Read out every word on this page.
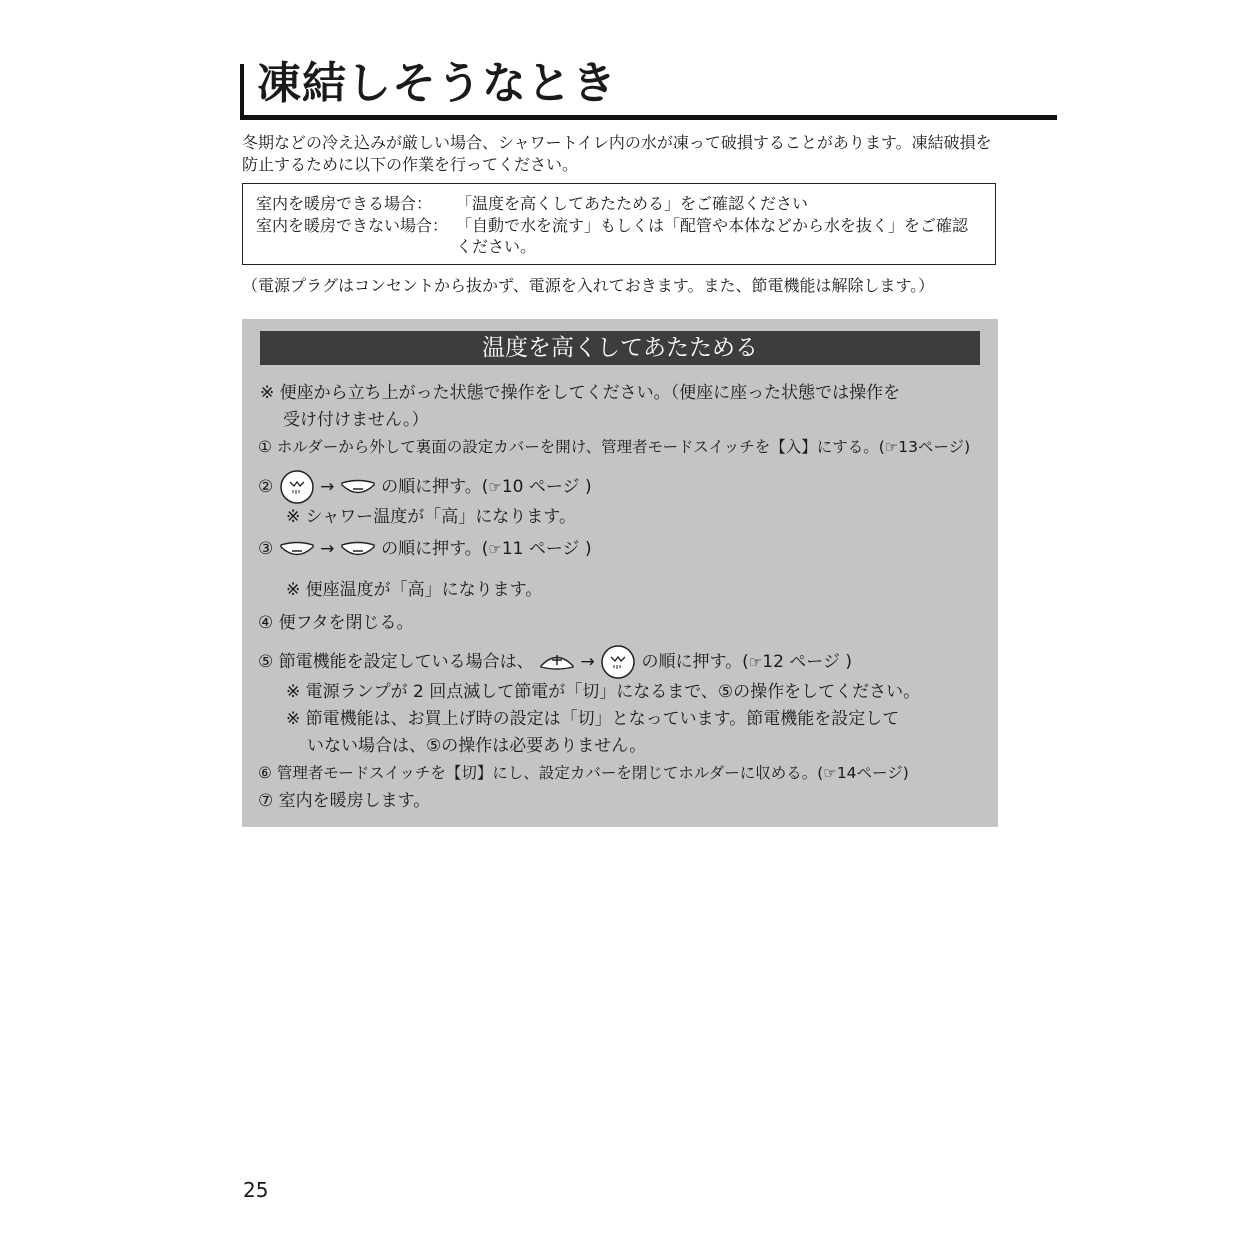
凍結しそうなとき
冬期などの冷え込みが厳しい場合、シャワートイレ内の水が凍って破損することがあります。凍結破損を防止するために以下の作業を行ってください。
室内を暖房できる場合： 「温度を高くしてあたためる」をご確認ください
室内を暖房できない場合： 「自動で水を流す」もしくは「配管や本体などから水を抜く」をご確認
ください。
（電源プラグはコンセントから抜かず、電源を入れておきます。また、節電機能は解除します。）
温度を高くしてあたためる
※ 便座から立ち上がった状態で操作をしてください。（便座に座った状態では操作を
受け付けません。）
① ホルダーから外して裏面の設定カバーを開け、管理者モードスイッチを【入】にする。(☞13ページ)
②	→	の順に押す。(☞10 ページ )
※ シャワー温度が「高」になります。
③	→	の順に押す。(☞11 ページ )
※ 便座温度が「高」になります。
④ 便フタを閉じる。
⑤ 節電機能を設定している場合は、	→	の順に押す。(☞12 ページ )
※ 電源ランプが 2 回点滅して節電が「切」になるまで、⑤の操作をしてください。
※ 節電機能は、お買上げ時の設定は「切」となっています。節電機能を設定して
いない場合は、⑤の操作は必要ありません。
⑥ 管理者モードスイッチを【切】にし、設定カバーを閉じてホルダーに収める。(☞14ページ)
⑦ 室内を暖房します。
25
